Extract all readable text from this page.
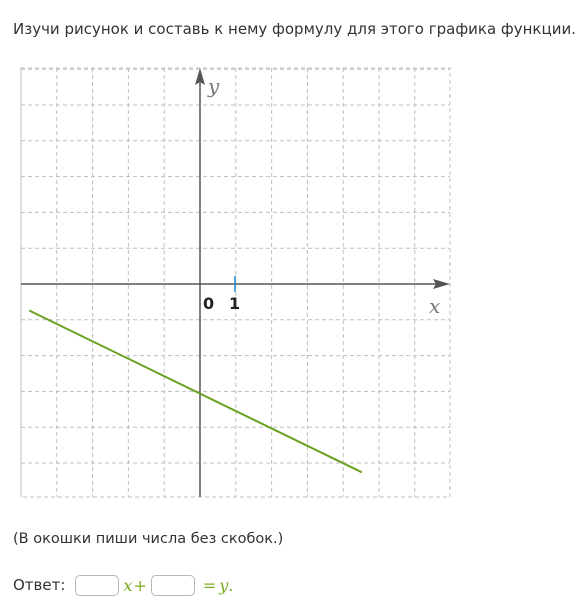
Изучи рисунок и составь к нему формулу для этого графика функции.
x
y
0 1
(В окошки пиши числа без скобок.)
Ответ:	x +	= y .
